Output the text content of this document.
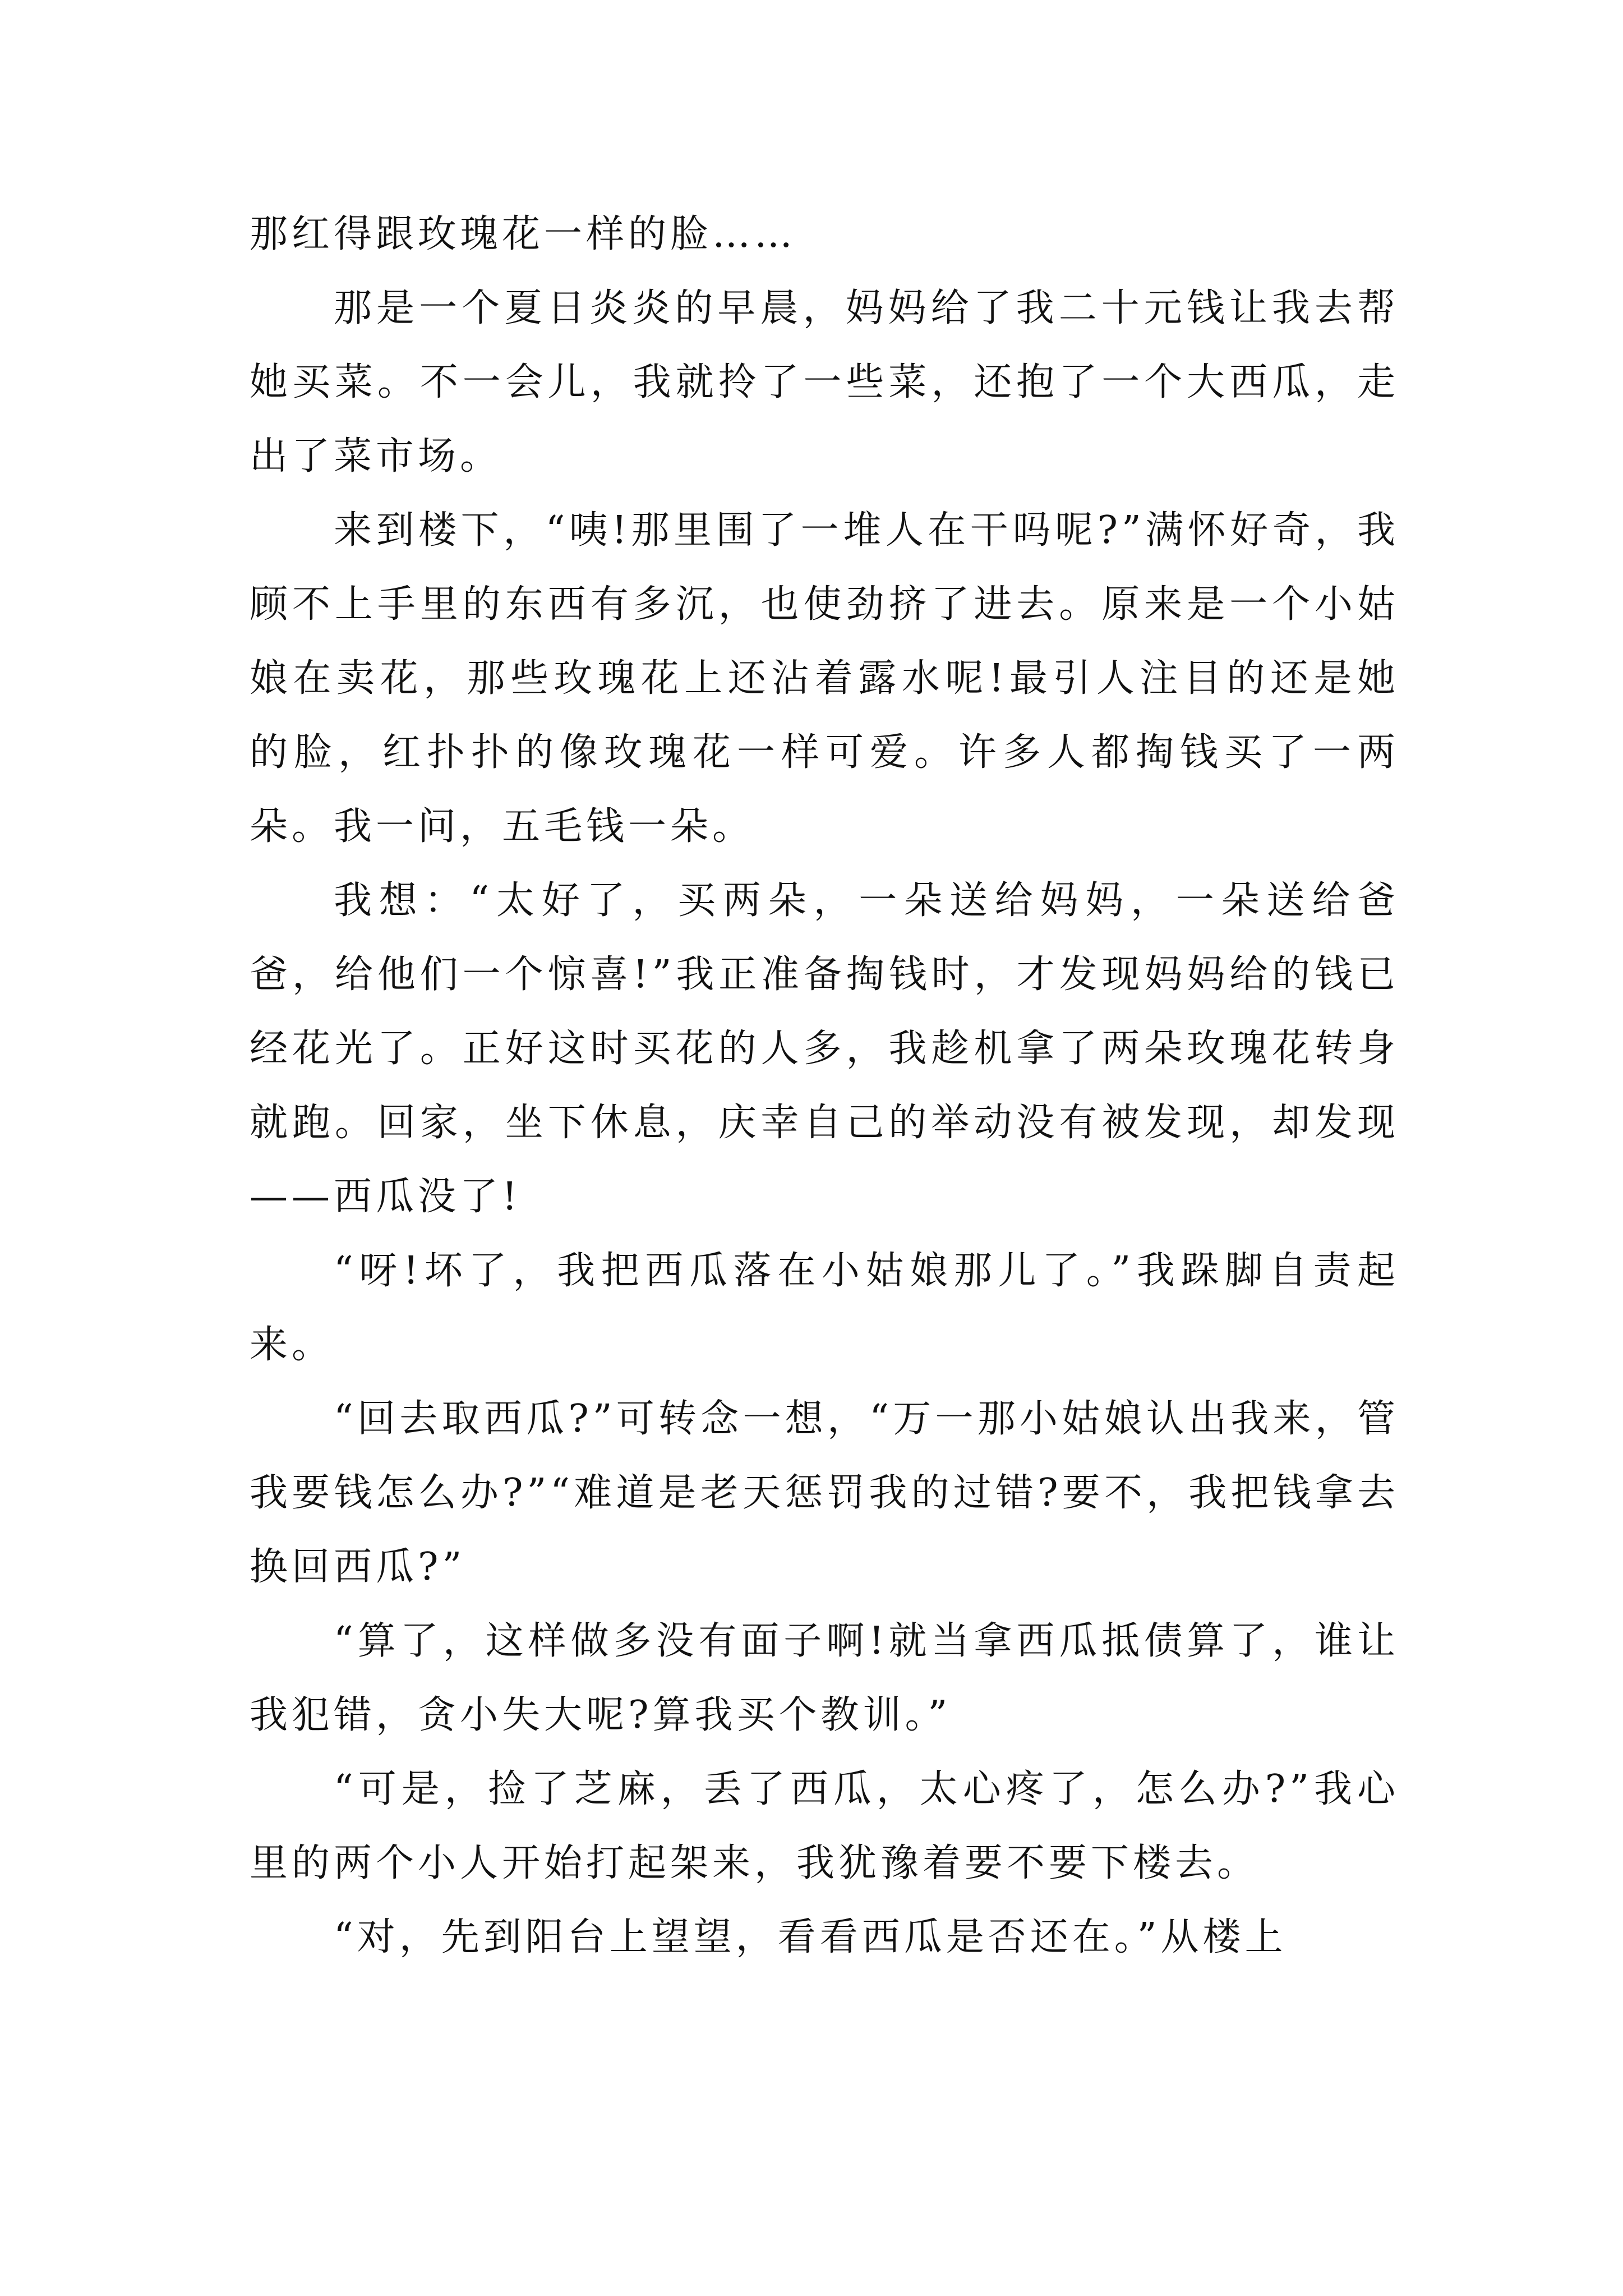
那红得跟玫瑰花一样的脸……

那是一个夏日炎炎的早晨，妈妈给了我二十元钱让我去帮她买菜。不一会儿，我就拎了一些菜，还抱了一个大西瓜，走出了菜市场。

来到楼下，“咦!那里围了一堆人在干吗呢?”满怀好奇，我顾不上手里的东西有多沉，也使劲挤了进去。原来是一个小姑娘在卖花，那些玫瑰花上还沾着露水呢!最引人注目的还是她的脸，红扑扑的像玫瑰花一样可爱。许多人都掏钱买了一两朵。我一问，五毛钱一朵。

我想：“太好了，买两朵，一朵送给妈妈，一朵送给爸爸，给他们一个惊喜!”我正准备掏钱时，才发现妈妈给的钱已经花光了。正好这时买花的人多，我趁机拿了两朵玫瑰花转身就跑。回家，坐下休息，庆幸自己的举动没有被发现，却发现——西瓜没了!

“呀!坏了，我把西瓜落在小姑娘那儿了。”我跺脚自责起来。

“回去取西瓜?”可转念一想，“万一那小姑娘认出我来，管我要钱怎么办?”“难道是老天惩罚我的过错?要不，我把钱拿去换回西瓜?”

“算了，这样做多没有面子啊!就当拿西瓜抵债算了，谁让我犯错，贪小失大呢?算我买个教训。”

“可是，捡了芝麻，丢了西瓜，太心疼了，怎么办?”我心里的两个小人开始打起架来，我犹豫着要不要下楼去。

“对，先到阳台上望望，看看西瓜是否还在。”从楼上
